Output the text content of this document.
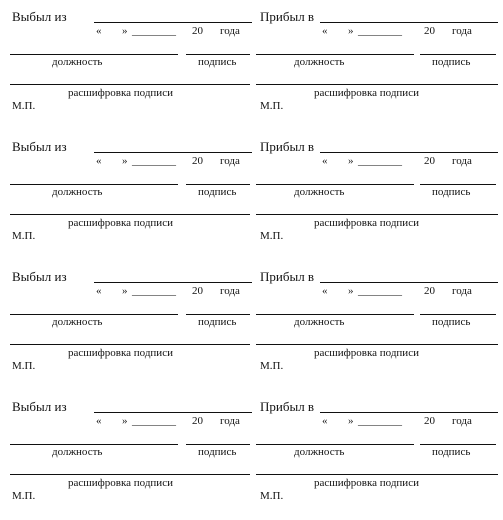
Выбыл из
« » ________ 20 года
должность	подпись
расшифровка подписи
М.П.
Выбыл из
« » ________ 20 года
должность	подпись
расшифровка подписи
М.П.
Выбыл из
« » ________ 20 года
должность	подпись
расшифровка подписи
М.П.
Выбыл из
« » ________ 20 года
должность	подпись
расшифровка подписи
М.П.
Прибыл в
« » ________ 20 года
должность	подпись
расшифровка подписи
М.П.
Прибыл в
« » ________ 20 года
должность	подпись
расшифровка подписи
М.П.
Прибыл в
« » ________ 20 года
должность	подпись
расшифровка подписи
М.П.
Прибыл в
« » ________ 20 года
должность	подпись
расшифровка подписи
М.П.
